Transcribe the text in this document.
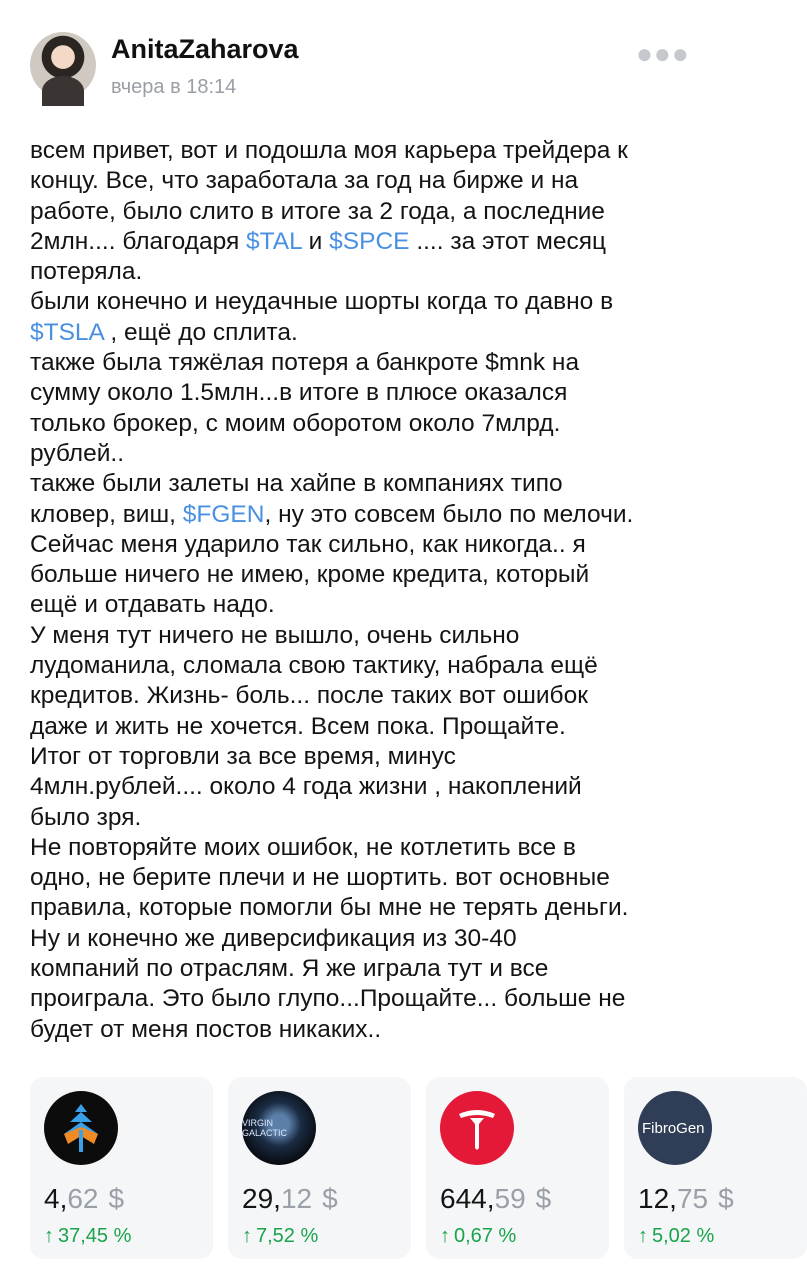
AnitaZaharova
вчера в 18:14
●●●
всем привет, вот и подошла моя карьера трейдера к
концу. Все, что заработала за год на бирже и на
работе, было слито в итоге за 2 года, а последние
2млн.... благодаря $TAL и $SPCE .... за этот месяц
потеряла.
были конечно и неудачные шорты когда то давно в
$TSLA , ещё до сплита.
также была тяжёлая потеря а банкроте $mnk на
сумму около 1.5млн...в итоге в плюсе оказался
только брокер, с моим оборотом около 7млрд.
рублей..
также были залеты на хайпе в компаниях типо
кловер, виш, $FGEN, ну это совсем было по мелочи.
Сейчас меня ударило так сильно, как никогда.. я
больше ничего не имею, кроме кредита, который
ещё и отдавать надо.
У меня тут ничего не вышло, очень сильно
лудоманила, сломала свою тактику, набрала ещё
кредитов. Жизнь- боль... после таких вот ошибок
даже и жить не хочется. Всем пока. Прощайте.
Итог от торговли за все время, минус
4млн.рублей.... около 4 года жизни , накоплений
было зря.
Не повторяйте моих ошибок, не котлетить все в
одно, не берите плечи и не шортить. вот основные
правила, которые помогли бы мне не терять деньги.
Ну и конечно же диверсификация из 30-40
компаний по отраслям. Я же играла тут и все
проиграла. Это было глупо...Прощайте... больше не
будет от меня постов никаких..
4,62 $
↑ 37,45 %
VIRGIN GALACTIC
29,12 $
↑ 7,52 %
644,59 $
↑ 0,67 %
FibroGen
12,75 $
↑ 5,02 %
